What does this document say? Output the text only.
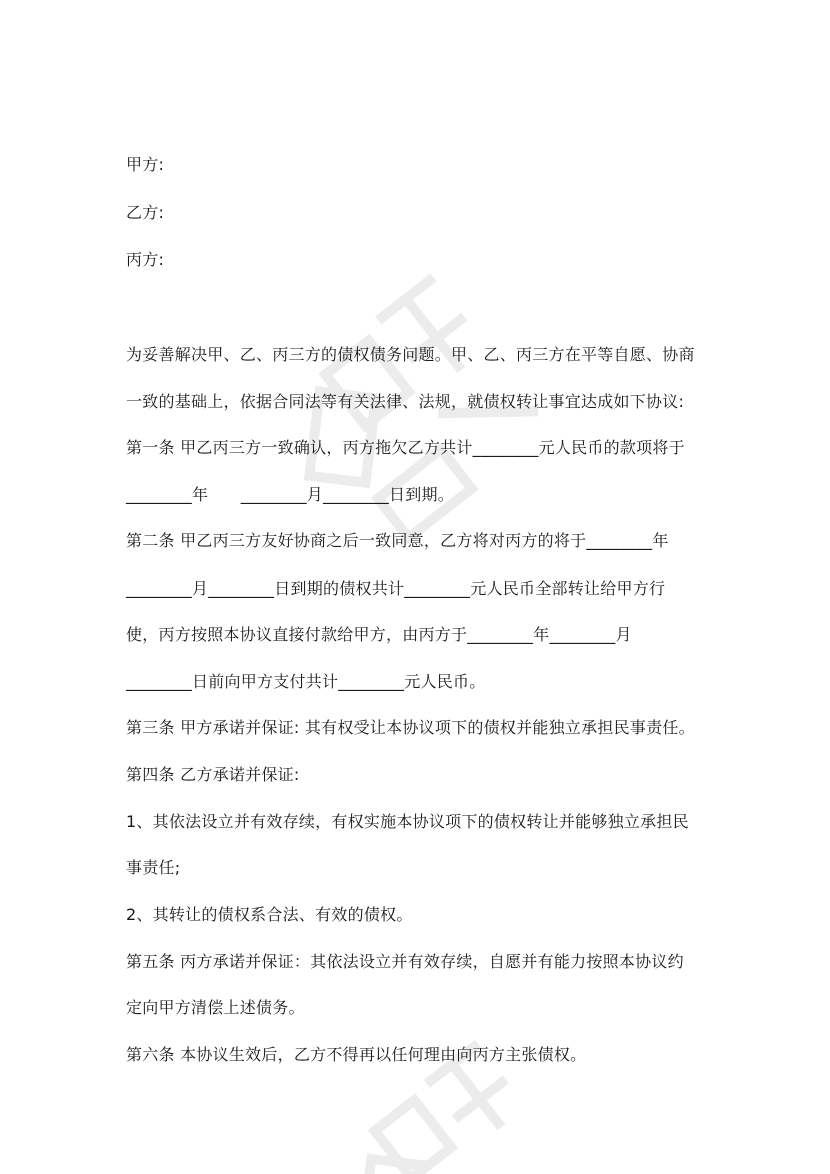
甲方:
乙方:
丙方:
为妥善解决甲、乙、丙三方的债权债务问题。甲、乙、丙三方在平等自愿、协商
一致的基础上，依据合同法等有关法律、法规，就债权转让事宜达成如下协议:
第一条 甲乙丙三方一致确认，丙方拖欠乙方共计________元人民币的款项将于
________年　　________月________日到期。
第二条 甲乙丙三方友好协商之后一致同意，乙方将对丙方的将于________年
________月________日到期的债权共计________元人民币全部转让给甲方行
使，丙方按照本协议直接付款给甲方，由丙方于________年________月
________日前向甲方支付共计________元人民币。
第三条 甲方承诺并保证: 其有权受让本协议项下的债权并能独立承担民事责任。
第四条 乙方承诺并保证:
1、其依法设立并有效存续，有权实施本协议项下的债权转让并能够独立承担民
事责任;
2、其转让的债权系合法、有效的债权。
第五条 丙方承诺并保证：其依法设立并有效存续，自愿并有能力按照本协议约
定向甲方清偿上述债务。
第六条 本协议生效后，乙方不得再以任何理由向丙方主张债权。
